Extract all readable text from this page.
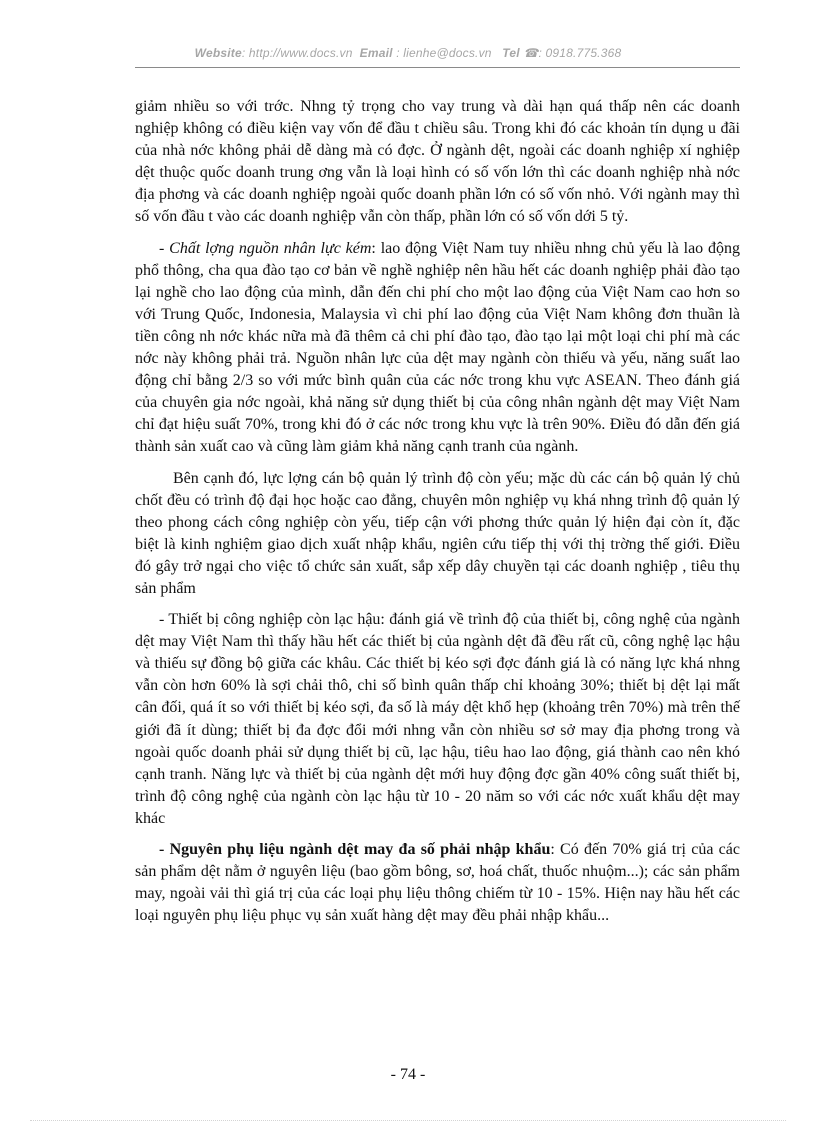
Website: http://www.docs.vn Email : lienhe@docs.vn Tel ☎: 0918.775.368

giảm nhiều so với trớc. Nhng tỷ trọng cho vay trung và dài hạn quá thấp nên các doanh nghiệp không có điều kiện vay vốn để đầu t chiều sâu. Trong khi đó các khoản tín dụng u đãi của nhà nớc không phải dễ dàng mà có đợc. Ở ngành dệt, ngoài các doanh nghiệp xí nghiệp dệt thuộc quốc doanh trung ơng vẫn là loại hình có số vốn lớn thì các doanh nghiệp nhà nớc địa phơng và các doanh nghiệp ngoài quốc doanh phần lớn có số vốn nhỏ. Với ngành may thì số vốn đầu t vào các doanh nghiệp vẫn còn thấp, phần lớn có số vốn dới 5 tỷ.

- Chất lợng nguồn nhân lực kém: lao động Việt Nam tuy nhiều nhng chủ yếu là lao động phổ thông, cha qua đào tạo cơ bản về nghề nghiệp nên hầu hết các doanh nghiệp phải đào tạo lại nghề cho lao động của mình, dẫn đến chi phí cho một lao động của Việt Nam cao hơn so với Trung Quốc, Indonesia, Malaysia vì chi phí lao động của Việt Nam không đơn thuần là tiền công nh nớc khác nữa mà đã thêm cả chi phí đào tạo, đào tạo lại một loại chi phí mà các nớc này không phải trả. Nguồn nhân lực của dệt may ngành còn thiếu và yếu, năng suất lao động chỉ bằng 2/3 so với mức bình quân của các nớc trong khu vực ASEAN. Theo đánh giá của chuyên gia nớc ngoài, khả năng sử dụng thiết bị của công nhân ngành dệt may Việt Nam chỉ đạt hiệu suất 70%, trong khi đó ở các nớc trong khu vực là trên 90%. Điều đó dẫn đến giá thành sản xuất cao và cũng làm giảm khả năng cạnh tranh của ngành.

Bên cạnh đó, lực lợng cán bộ quản lý trình độ còn yếu; mặc dù các cán bộ quản lý chủ chốt đều có trình độ đại học hoặc cao đẳng, chuyên môn nghiệp vụ khá nhng trình độ quản lý theo phong cách công nghiệp còn yếu, tiếp cận với phơng thức quản lý hiện đại còn ít, đặc biệt là kinh nghiệm giao dịch xuất nhập khẩu, ngiên cứu tiếp thị với thị trờng thế giới. Điều đó gây trở ngại cho việc tổ chức sản xuất, sắp xếp dây chuyền tại các doanh nghiệp , tiêu thụ sản phẩm

- Thiết bị công nghiệp còn lạc hậu: đánh giá về trình độ của thiết bị, công nghệ của ngành dệt may Việt Nam thì thấy hầu hết các thiết bị của ngành dệt đã đều rất cũ, công nghệ lạc hậu và thiếu sự đồng bộ giữa các khâu. Các thiết bị kéo sợi đợc đánh giá là có năng lực khá nhng vẫn còn hơn 60% là sợi chải thô, chi số bình quân thấp chỉ khoảng 30%; thiết bị dệt lại mất cân đối, quá ít so với thiết bị kéo sợi, đa số là máy dệt khổ hẹp (khoảng trên 70%) mà trên thế giới đã ít dùng; thiết bị đa đợc đổi mới nhng vẫn còn nhiều sơ sở may địa phơng trong và ngoài quốc doanh phải sử dụng thiết bị cũ, lạc hậu, tiêu hao lao động, giá thành cao nên khó cạnh tranh. Năng lực và thiết bị của ngành dệt mới huy động đợc gần 40% công suất thiết bị, trình độ công nghệ của ngành còn lạc hậu từ 10 - 20 năm so với các nớc xuất khẩu dệt may khác

- Nguyên phụ liệu ngành dệt may đa số phải nhập khẩu: Có đến 70% giá trị của các sản phẩm dệt nằm ở nguyên liệu (bao gồm bông, sơ, hoá chất, thuốc nhuộm...); các sản phẩm may, ngoài vải thì giá trị của các loại phụ liệu thông chiếm từ 10 - 15%. Hiện nay hầu hết các loại nguyên phụ liệu phục vụ sản xuất hàng dệt may đều phải nhập khẩu...

- 74 -
